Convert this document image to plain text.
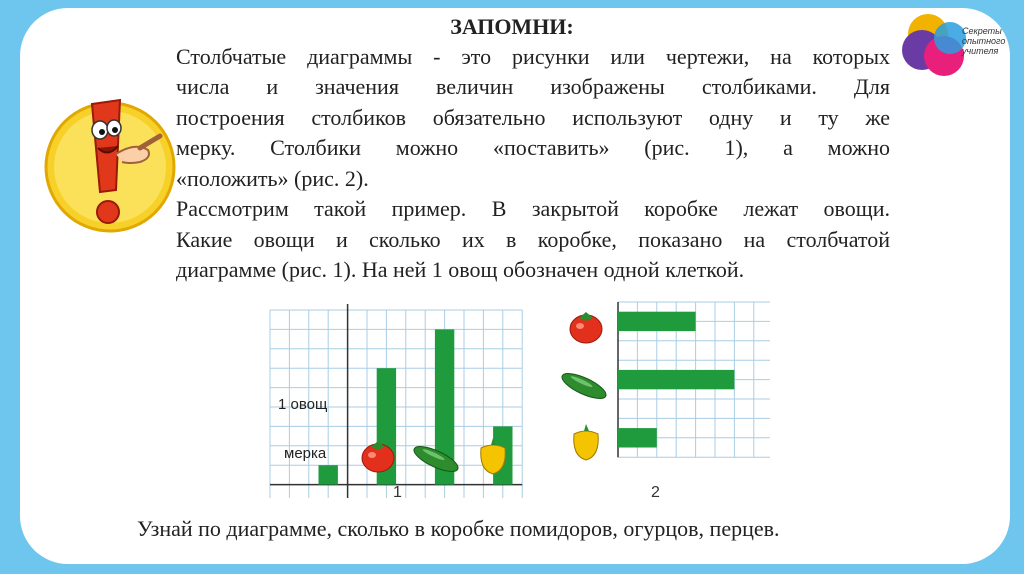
ЗАПОМНИ:
Столбчатые диаграммы - это рисунки или чертежи, на которых
числа и значения величин изображены столбиками. Для
построения столбиков обязательно используют одну и ту же
мерку. Столбики можно «поставить» (рис. 1), а можно
«положить» (рис. 2).
Рассмотрим такой пример. В закрытой коробке лежат овощи.
Какие овощи и сколько их в коробке, показано на столбчатой
диаграмме (рис. 1). На ней 1 овощ обозначен одной клеткой.
Секреты опытного учителя
1 овощ
мерка
1	2
Узнай по диаграмме, сколько в коробке помидоров, огурцов, перцев.
